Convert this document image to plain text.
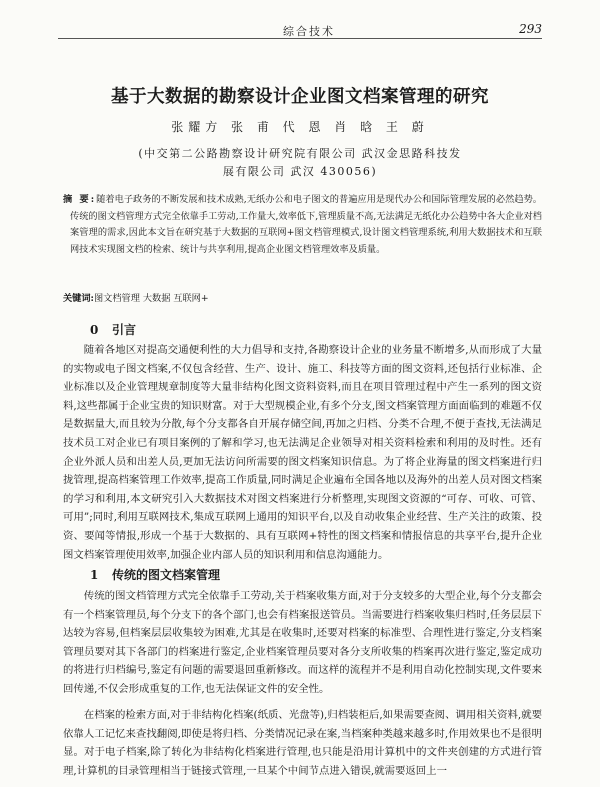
综合技术	293
基于大数据的勘察设计企业图文档案管理的研究
张耀方 张 甫 代 恩 肖 晗 王 蔚
(中交第二公路勘察设计研究院有限公司 武汉金思路科技发
展有限公司 武汉 430056)
摘 要:随着电子政务的不断发展和技术成熟,无纸办公和电子图文的普遍应用是现代办公和国际管理发展的必然趋势。传统的图文档管理方式完全依靠手工劳动,工作量大,效率低下,管理质量不高,无法满足无纸化办公趋势中各大企业对档案管理的需求,因此本文旨在研究基于大数据的互联网+图文档管理模式,设计图文档管理系统,利用大数据技术和互联网技术实现图文档的检索、统计与共享利用,提高企业图文档管理效率及质量。
关键词:图文档管理 大数据 互联网+
0 引言

随着各地区对提高交通便利性的大力倡导和支持,各勘察设计企业的业务量不断增多,从而形成了大量的实物或电子图文档案,不仅包含经营、生产、设计、施工、科技等方面的图文资料,还包括行业标准、企业标准以及企业管理规章制度等大量非结构化图文资料资料,而且在项目管理过程中产生一系列的图文资料,这些都属于企业宝贵的知识财富。对于大型规模企业,有多个分支,图文档案管理方面面临到的难题不仅是数据量大,而且较为分散,每个分支都各自开展存储空间,再加之归档、分类不合理,不便于查找,无法满足技术员工对企业已有项目案例的了解和学习,也无法满足企业领导对相关资料检索和利用的及时性。还有企业外派人员和出差人员,更加无法访问所需要的图文档案知识信息。为了将企业海量的图文档案进行归拢管理,提高档案管理工作效率,提高工作质量,同时满足企业遍布全国各地以及海外的出差人员对图文档案的学习和利用,本文研究引入大数据技术对图文档案进行分析整理,实现图文资源的“可存、可收、可管、可用”;同时,利用互联网技术,集成互联网上通用的知识平台,以及自动收集企业经营、生产关注的政策、投资、要闻等情报,形成一个基于大数据的、具有互联网+特性的图文档案和情报信息的共享平台,提升企业图文档案管理使用效率,加强企业内部人员的知识利用和信息沟通能力。

1 传统的图文档案管理

传统的图文档管理方式完全依靠手工劳动,关于档案收集方面,对于分支较多的大型企业,每个分支都会有一个档案管理员,每个分支下的各个部门,也会有档案报送管员。当需要进行档案收集归档时,任务层层下达较为容易,但档案层层收集较为困难,尤其是在收集时,还要对档案的标准型、合理性进行鉴定,分支档案管理员要对其下各部门的档案进行鉴定,企业档案管理员要对各分支所收集的档案再次进行鉴定,鉴定成功的将进行归档编号,鉴定有问题的需要退回重新修改。而这样的流程并不是利用自动化控制实现,文件要来回传递,不仅会形成重复的工作,也无法保证文件的安全性。

在档案的检索方面,对于非结构化档案(纸质、光盘等),归档装柜后,如果需要查阅、调用相关资料,就要依靠人工记忆来查找翻阅,即使是将归档、分类情况记录在案,当档案种类越来越多时,作用效果也不是很明显。对于电子档案,除了转化为非结构化档案进行管理,也只能是沿用计算机中的文件夹创建的方式进行管理,计算机的目录管理相当于链接式管理,一旦某个中间节点进入错误,就需要返回上一
